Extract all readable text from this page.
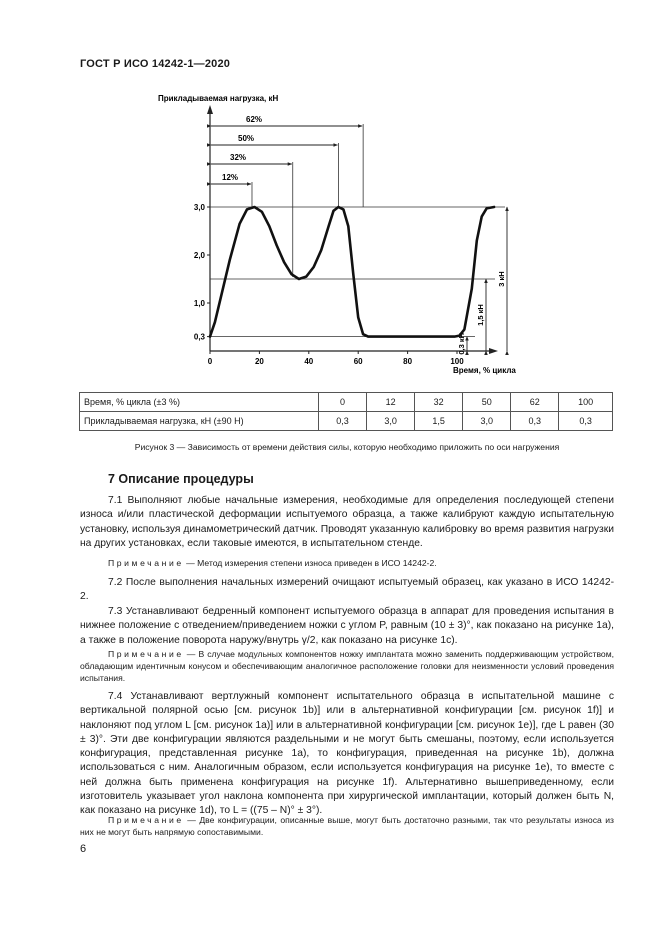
ГОСТ Р ИСО 14242-1—2020
Прикладываемая нагрузка, кН
Время, % цикла
0	20	40	60	80	100
0,3
1,0
2,0
3,0
12%
32%
50%
62%
0,3 кН
1,5 кН
3 кН
Время, % цикла (±3 %)	0	12	32	50	62	100
Прикладываемая нагрузка, кН (±90 Н)	0,3	3,0	1,5	3,0	0,3	0,3
Рисунок 3 — Зависимость от времени действия силы, которую необходимо приложить по оси нагружения
7 Описание процедуры

7.1 Выполняют любые начальные измерения, необходимые для определения последующей степени износа и/или пластической деформации испытуемого образца, а также калибруют каждую испытательную установку, используя динамометрический датчик. Проводят указанную калибровку во время развития нагрузки на других установках, если таковые имеются, в испытательном стенде.

Примечание — Метод измерения степени износа приведен в ИСО 14242-2.

7.2 После выполнения начальных измерений очищают испытуемый образец, как указано в ИСО 14242-2.

7.3 Устанавливают бедренный компонент испытуемого образца в аппарат для проведения испытания в нижнее положение с отведением/приведением ножки с углом P, равным (10 ± 3)°, как показано на рисунке 1a), а также в положение поворота наружу/внутрь γ/2, как показано на рисунке 1c).

Примечание — В случае модульных компонентов ножку имплантата можно заменить поддерживающим устройством, обладающим идентичным конусом и обеспечивающим аналогичное расположение головки для неизменности условий проведения испытания.

7.4 Устанавливают вертлужный компонент испытательного образца в испытательной машине с вертикальной полярной осью [см. рисунок 1b)] или в альтернативной конфигурации [см. рисунок 1f)] и наклоняют под углом L [см. рисунок 1a)] или в альтернативной конфигурации [см. рисунок 1e)], где L равен (30 ± 3)°. Эти две конфигурации являются раздельными и не могут быть смешаны, поэтому, если используется конфигурация, представленная рисунке 1a), то конфигурация, приведенная на рисунке 1b), должна использоваться с ним. Аналогичным образом, если используется конфигурация на рисунке 1e), то вместе с ней должна быть применена конфигурация на рисунке 1f). Альтернативно вышеприведенному, если изготовитель указывает угол наклона компонента при хирургической имплантации, который должен быть N, как показано на рисунке 1d), то L = ((75 – N)° ± 3°).

Примечание — Две конфигурации, описанные выше, могут быть достаточно разными, так что результаты износа из них не могут быть напрямую сопоставимыми.

6
